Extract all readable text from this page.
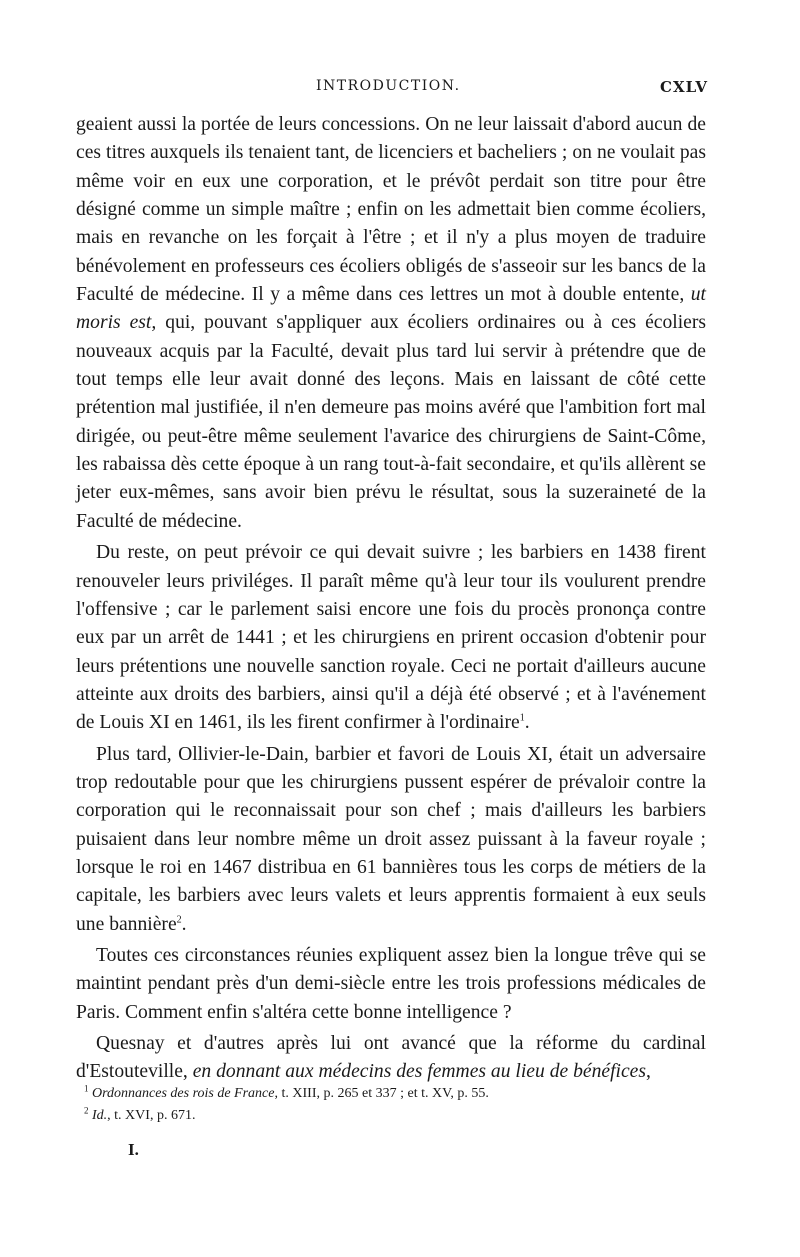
INTRODUCTION.	CXLV

geaient aussi la portée de leurs concessions. On ne leur laissait d'abord aucun de ces titres auxquels ils tenaient tant, de licenciers et bacheliers ; on ne voulait pas même voir en eux une corporation, et le prévôt perdait son titre pour être désigné comme un simple maître ; enfin on les admettait bien comme écoliers, mais en revanche on les forçait à l'être ; et il n'y a plus moyen de traduire bénévolement en professeurs ces écoliers obligés de s'asseoir sur les bancs de la Faculté de médecine. Il y a même dans ces lettres un mot à double entente, ut moris est, qui, pouvant s'appliquer aux écoliers ordinaires ou à ces écoliers nouveaux acquis par la Faculté, devait plus tard lui servir à prétendre que de tout temps elle leur avait donné des leçons. Mais en laissant de côté cette prétention mal justifiée, il n'en demeure pas moins avéré que l'ambition fort mal dirigée, ou peut-être même seulement l'avarice des chirurgiens de Saint-Côme, les rabaissa dès cette époque à un rang tout-à-fait secondaire, et qu'ils allèrent se jeter eux-mêmes, sans avoir bien prévu le résultat, sous la suzeraineté de la Faculté de médecine.

Du reste, on peut prévoir ce qui devait suivre ; les barbiers en 1438 firent renouveler leurs priviléges. Il paraît même qu'à leur tour ils voulurent prendre l'offensive ; car le parlement saisi encore une fois du procès prononça contre eux par un arrêt de 1441 ; et les chirurgiens en prirent occasion d'obtenir pour leurs prétentions une nouvelle sanction royale. Ceci ne portait d'ailleurs aucune atteinte aux droits des barbiers, ainsi qu'il a déjà été observé ; et à l'avénement de Louis XI en 1461, ils les firent confirmer à l'ordinaire$^1$.

Plus tard, Ollivier-le-Dain, barbier et favori de Louis XI, était un adversaire trop redoutable pour que les chirurgiens pussent espérer de prévaloir contre la corporation qui le reconnaissait pour son chef ; mais d'ailleurs les barbiers puisaient dans leur nombre même un droit assez puissant à la faveur royale ; lorsque le roi en 1467 distribua en 61 bannières tous les corps de métiers de la capitale, les barbiers avec leurs valets et leurs apprentis formaient à eux seuls une bannière$^2$.

Toutes ces circonstances réunies expliquent assez bien la longue trêve qui se maintint pendant près d'un demi-siècle entre les trois professions médicales de Paris. Comment enfin s'altéra cette bonne intelligence ?

Quesnay et d'autres après lui ont avancé que la réforme du cardinal d'Estouteville, en donnant aux médecins des femmes au lieu de bénéfices,

$^1$ Ordonnances des rois de France, t. XIII, p. 265 et 337 ; et t. XV, p. 55.
$^2$ Id., t. XVI, p. 671.
I.
